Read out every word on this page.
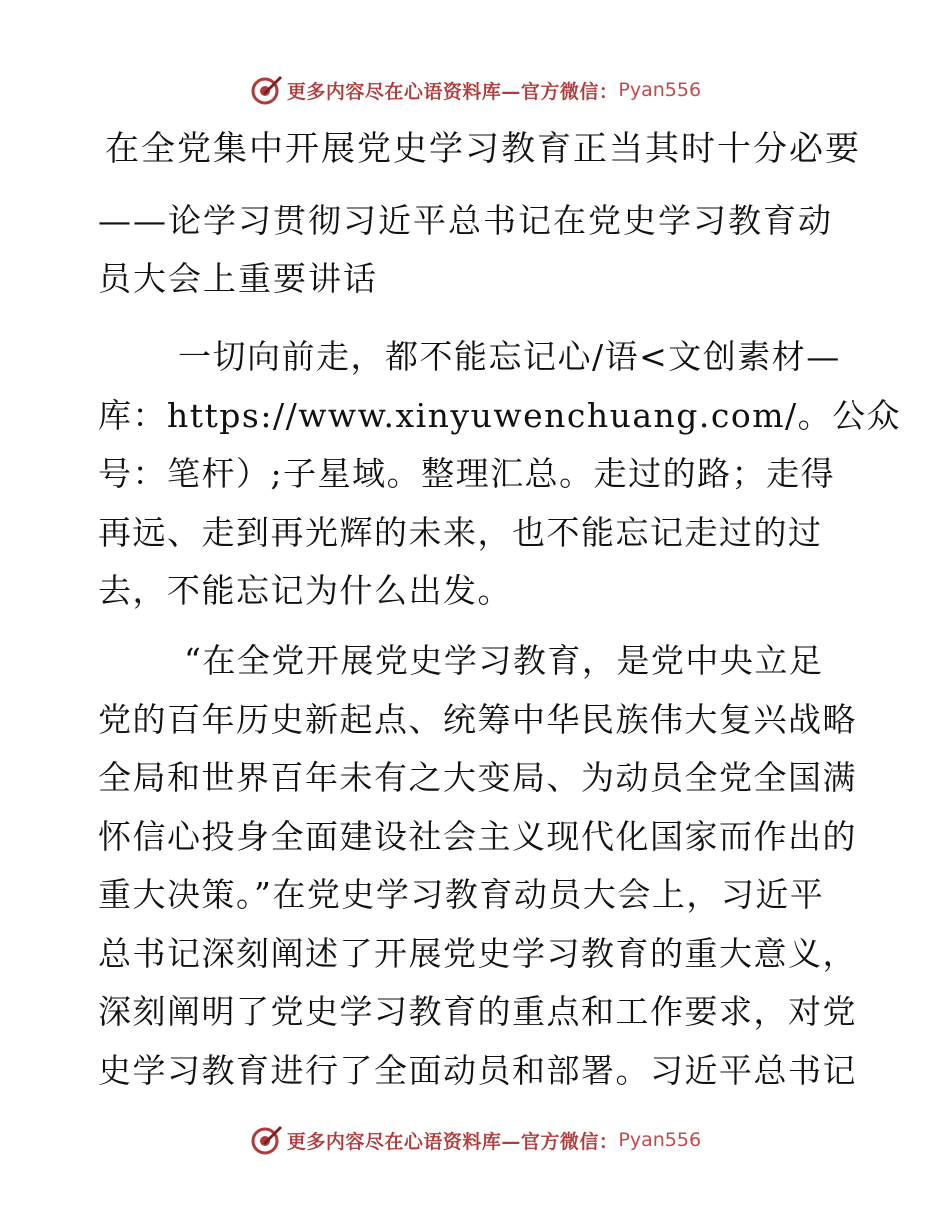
更多内容尽在心语资料库—官方微信： Pyan556
在全党集中开展党史学习教育正当其时十分必要
——论学习贯彻习近平总书记在党史学习教育动
员大会上重要讲话
一切向前走，都不能忘记心/语<文创素材—
库：https://www.xinyuwenchuang.com/。公众
号：笔杆）;子星域。整理汇总。走过的路；走得
再远、走到再光辉的未来，也不能忘记走过的过
去，不能忘记为什么出发。
“在全党开展党史学习教育，是党中央立足
党的百年历史新起点、统筹中华民族伟大复兴战略
全局和世界百年未有之大变局、为动员全党全国满
怀信心投身全面建设社会主义现代化国家而作出的
重大决策。”在党史学习教育动员大会上，习近平
总书记深刻阐述了开展党史学习教育的重大意义，
深刻阐明了党史学习教育的重点和工作要求，对党
史学习教育进行了全面动员和部署。习近平总书记
更多内容尽在心语资料库—官方微信： Pyan556
